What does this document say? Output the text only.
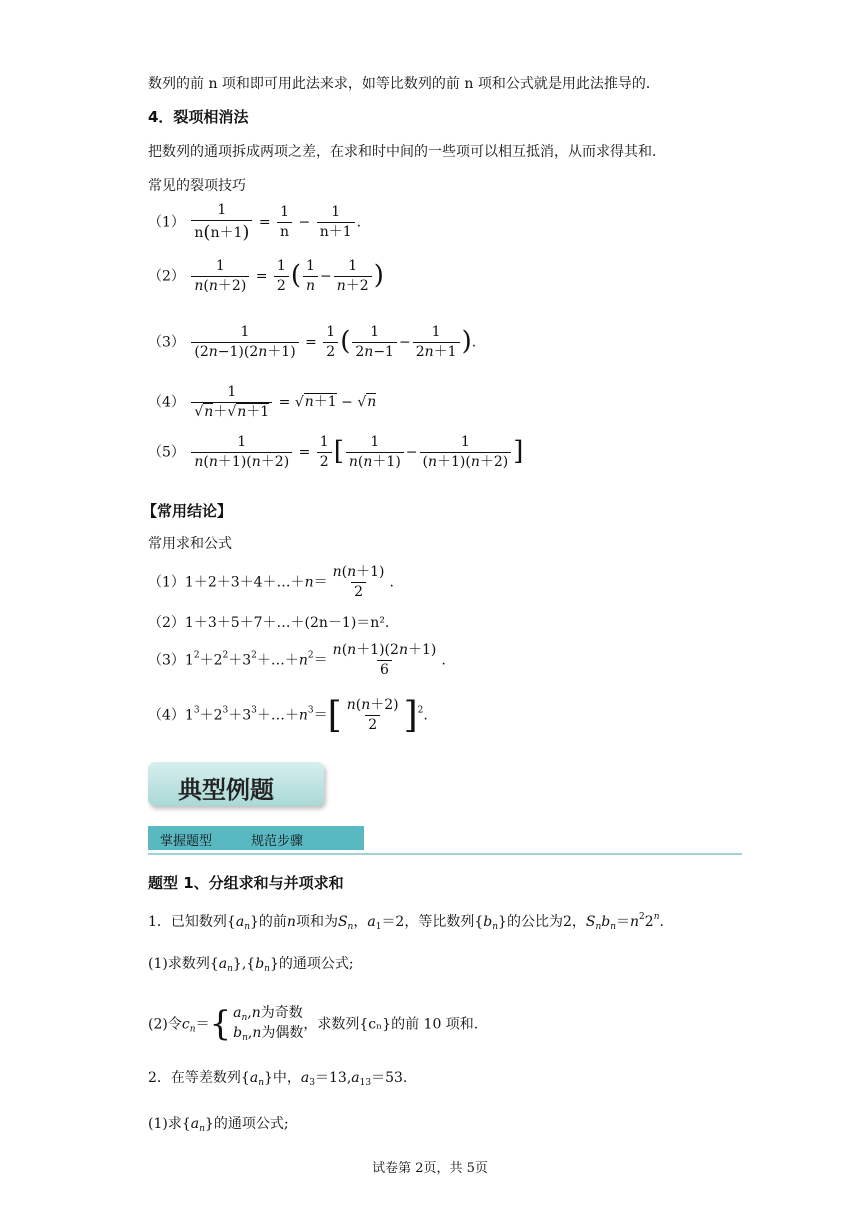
数列的前 n 项和即可用此法来求，如等比数列的前 n 项和公式就是用此法推导的．
4．裂项相消法
把数列的通项拆成两项之差，在求和时中间的一些项可以相互抵消，从而求得其和．
常见的裂项技巧
$(1) \frac{1}{n(n+1)} = \frac{1}{n} - \frac{1}{n+1}$ .
$(2) \frac{1}{n(n+2)} = \frac{1}{2}$ ( $\frac{1}{n} - \frac{1}{n+2}$ )
$(3) \frac{1}{(2n-1)(2n+1)} = \frac{1}{2}$ ( $\frac{1}{2n-1} - \frac{1}{2n+1}$ ).
$(4) \frac{1}{√n+√n+1} = √n+1 - √n$
$(5) \frac{1}{n(n+1)(n+2)} = \frac{1}{2}$ [ $\frac{1}{n(n+1)} - \frac{1}{(n+1)(n+2)}$ ]
【常用结论】
常用求和公式
（1）1＋2＋3＋4＋…＋n＝ $\frac{n(n+1)}{2}$ .
（2）1＋3＋5＋7＋…＋(2n－1)＝n².
$(3)1^2+2^2+3^2+\dots+n^2= \frac{n(n+1)(2n+1)}{6}$ .
$(4)1^3+2^3+3^3+\dots+n^3=[ \frac{n(n+2)}{2} ]^2$.
典型例题
掌握题型	规范步骤
题型 1、分组求和与并项求和
1．已知数列$\{a_n\}$的前n项和为$S_n$，$a_1=2$，等比数列$\{b_n\}$的公比为2，$S_nb_n=n^22^n$.
(1)求数列$\{a_n\},\{b_n\}$的通项公式;
(2)令$c_n=$ { $a_n,n$为奇数
$b_n,n$为偶数
，求数列{cₙ}的前 10 项和.
2．在等差数列$\{a_n\}$中，$a_3=13,a_{13}=53$.
(1)求$\{a_n\}$的通项公式;
试卷第 2页，共 5页
